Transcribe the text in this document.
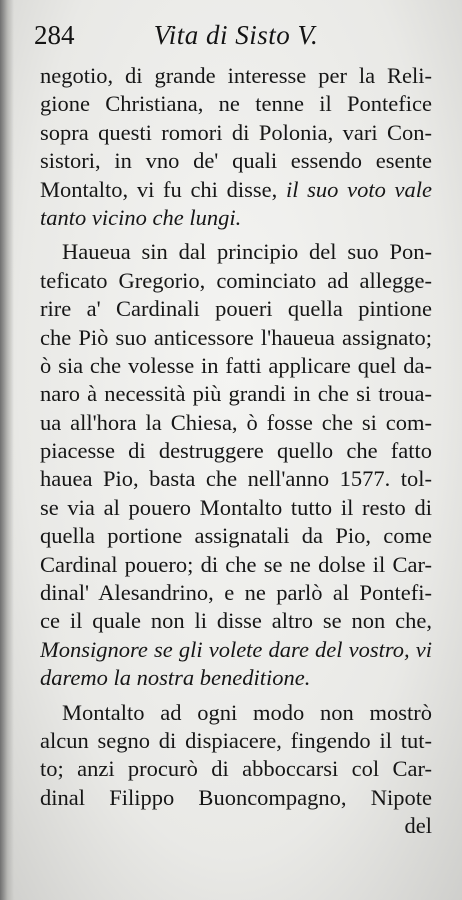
284	Vita di Sisto V.
negotio, di grande interesse per la Reli-
gione Christiana, ne tenne il Pontefice
sopra questi romori di Polonia, vari Con-
sistori, in vno de' quali essendo esente
Montalto, vi fu chi disse, il suo voto vale
tanto vicino che lungi.
Haueua sin dal principio del suo Pon-
teficato Gregorio, cominciato ad allegge-
rire a' Cardinali poueri quella pintione
che Piò suo anticessore l'haueua assignato;
ò sia che volesse in fatti applicare quel da-
naro à necessità più grandi in che si troua-
ua all'hora la Chiesa, ò fosse che si com-
piacesse di destruggere quello che fatto
hauea Pio, basta che nell'anno 1577. tol-
se via al pouero Montalto tutto il resto di
quella portione assignatali da Pio, come
Cardinal pouero; di che se ne dolse il Car-
dinal' Alesandrino, e ne parlò al Pontefi-
ce il quale non li disse altro se non che,
Monsignore se gli volete dare del vostro, vi
daremo la nostra beneditione.
Montalto ad ogni modo non mostrò
alcun segno di dispiacere, fingendo il tut-
to; anzi procurò di abboccarsi col Car-
dinal Filippo Buoncompagno, Nipote
del
